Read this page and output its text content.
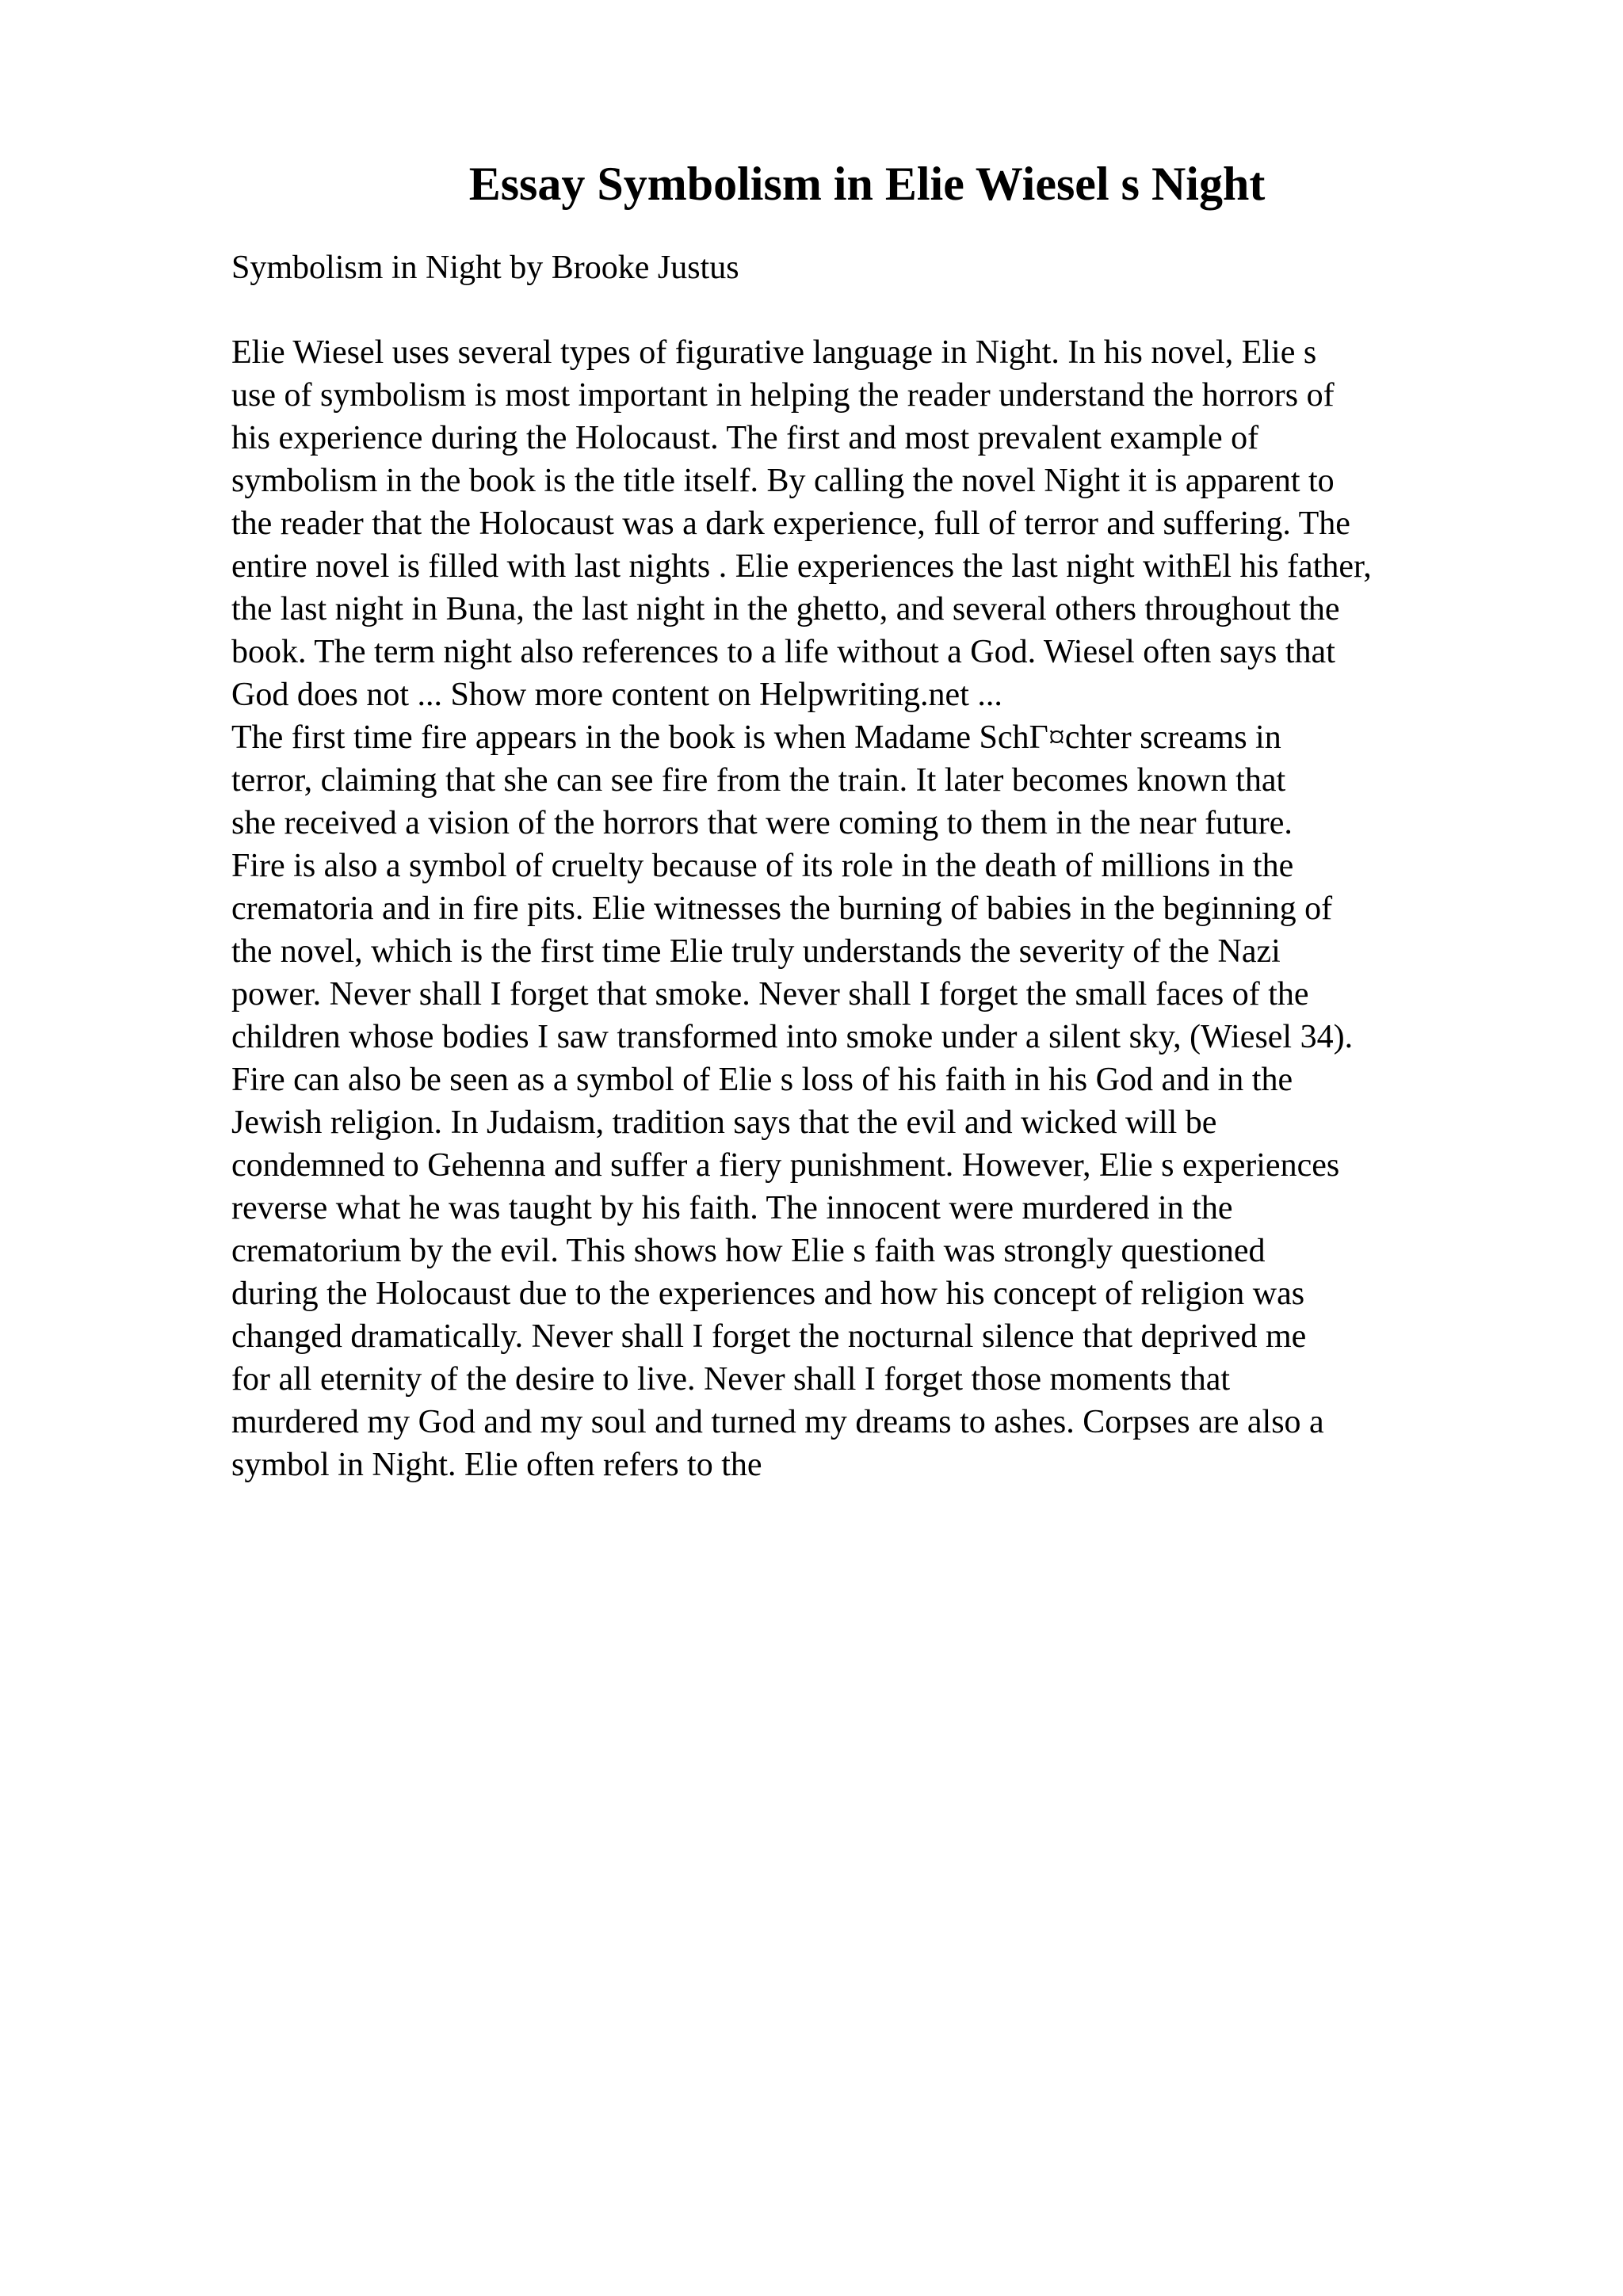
Essay Symbolism in Elie Wiesel s Night

Symbolism in Night by Brooke Justus

Elie Wiesel uses several types of figurative language in Night. In his novel, Elie s
use of symbolism is most important in helping the reader understand the horrors of
his experience during the Holocaust. The first and most prevalent example of
symbolism in the book is the title itself. By calling the novel Night it is apparent to
the reader that the Holocaust was a dark experience, full of terror and suffering. The
entire novel is filled with last nights . Elie experiences the last night withEl his father,
the last night in Buna, the last night in the ghetto, and several others throughout the
book. The term night also references to a life without a God. Wiesel often says that
God does not ... Show more content on Helpwriting.net ...
The first time fire appears in the book is when Madame SchГ¤chter screams in
terror, claiming that she can see fire from the train. It later becomes known that
she received a vision of the horrors that were coming to them in the near future.
Fire is also a symbol of cruelty because of its role in the death of millions in the
crematoria and in fire pits. Elie witnesses the burning of babies in the beginning of
the novel, which is the first time Elie truly understands the severity of the Nazi
power. Never shall I forget that smoke. Never shall I forget the small faces of the
children whose bodies I saw transformed into smoke under a silent sky, (Wiesel 34).
Fire can also be seen as a symbol of Elie s loss of his faith in his God and in the
Jewish religion. In Judaism, tradition says that the evil and wicked will be
condemned to Gehenna and suffer a fiery punishment. However, Elie s experiences
reverse what he was taught by his faith. The innocent were murdered in the
crematorium by the evil. This shows how Elie s faith was strongly questioned
during the Holocaust due to the experiences and how his concept of religion was
changed dramatically. Never shall I forget the nocturnal silence that deprived me
for all eternity of the desire to live. Never shall I forget those moments that
murdered my God and my soul and turned my dreams to ashes. Corpses are also a
symbol in Night. Elie often refers to the
